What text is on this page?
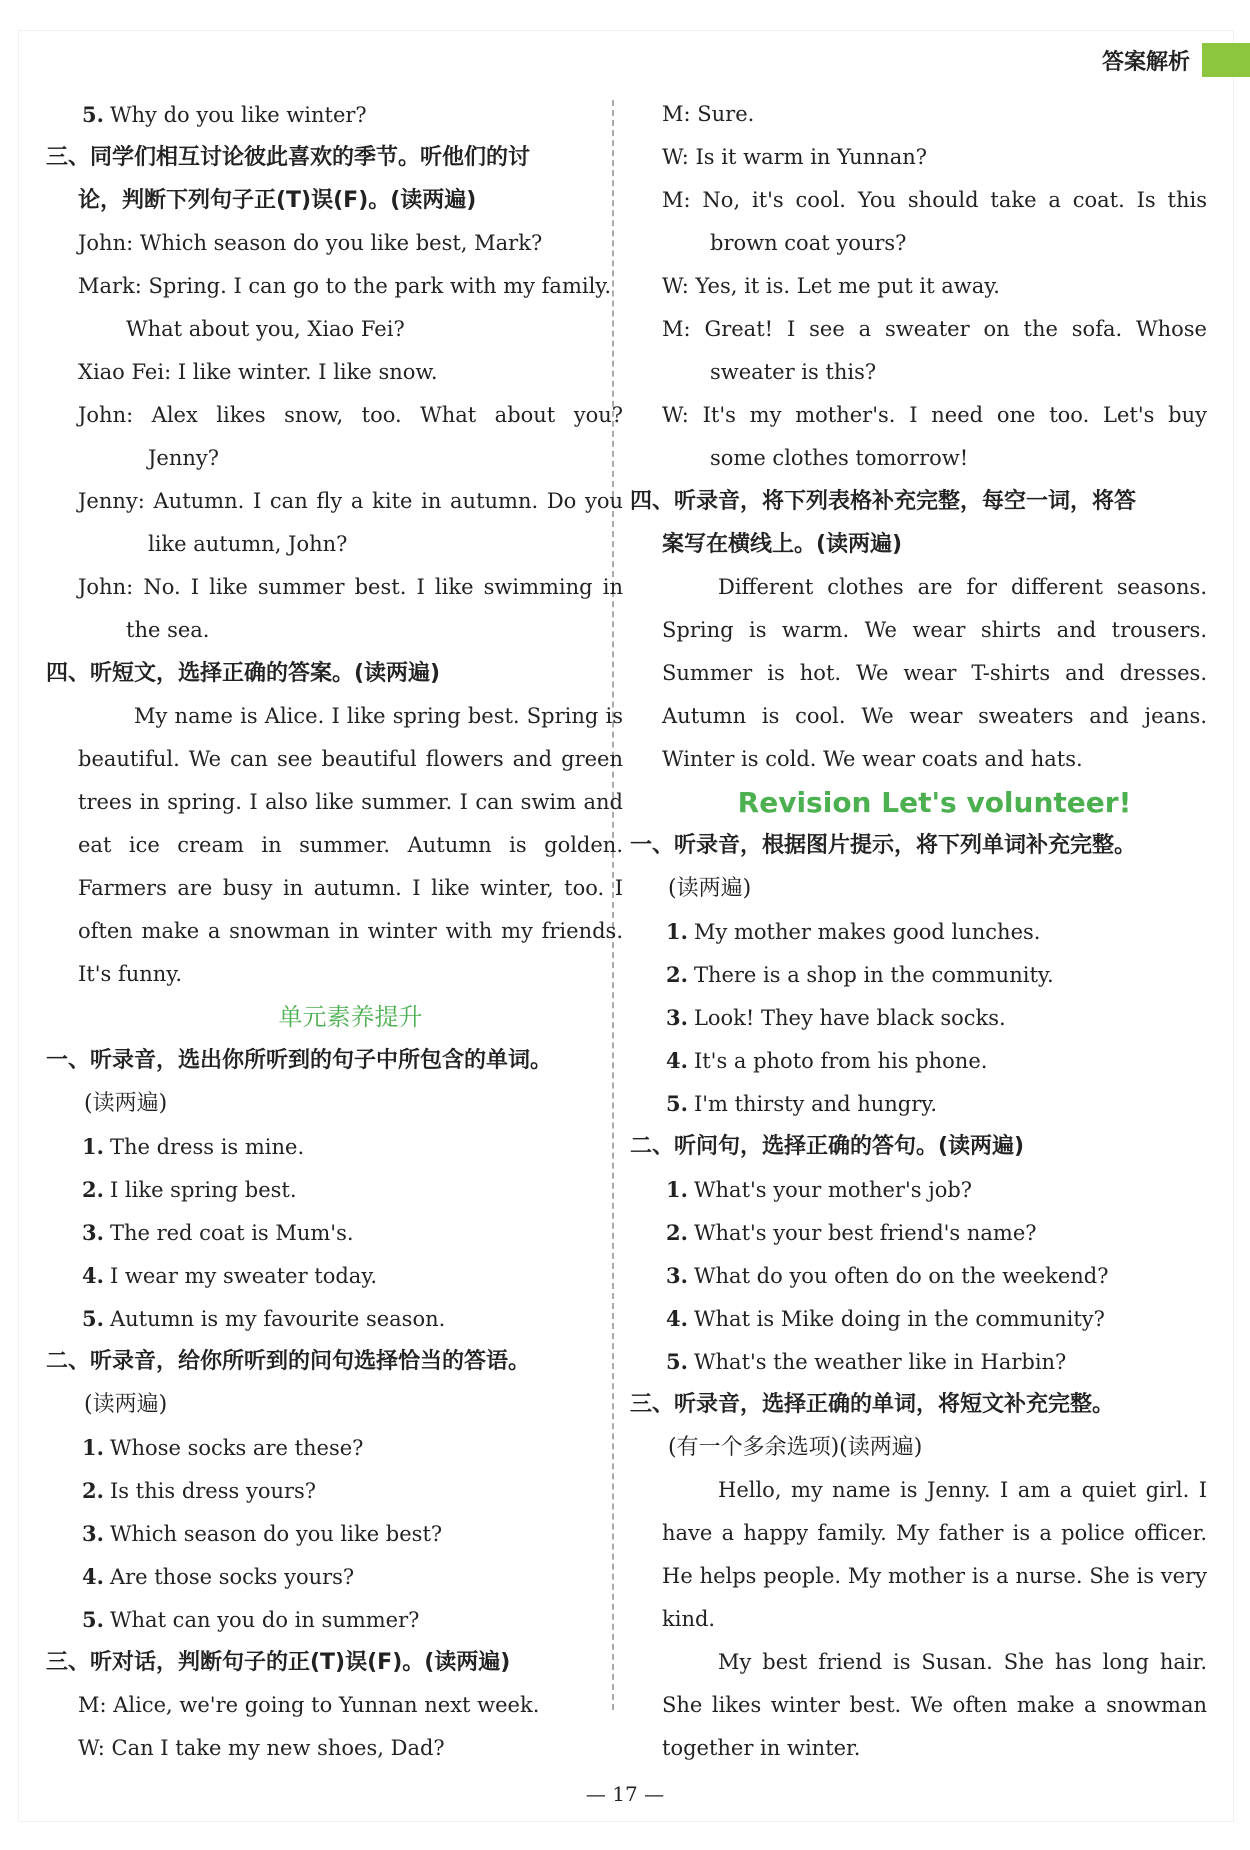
答案解析
5. Why do you like winter?
三、同学们相互讨论彼此喜欢的季节。听他们的讨
论，判断下列句子正(T)误(F)。(读两遍)
John: Which season do you like best, Mark?
Mark: Spring. I can go to the park with my family.
What about you, Xiao Fei?
Xiao Fei: I like winter. I like snow.
John: Alex likes snow, too. What about you?
Jenny?
Jenny: Autumn. I can fly a kite in autumn. Do you
like autumn, John?
John: No. I like summer best. I like swimming in
the sea.
四、听短文，选择正确的答案。(读两遍)
My name is Alice. I like spring best. Spring is
beautiful. We can see beautiful flowers and green
trees in spring. I also like summer. I can swim and
eat ice cream in summer. Autumn is golden.
Farmers are busy in autumn. I like winter, too. I
often make a snowman in winter with my friends.
It's funny.
单元素养提升
一、听录音，选出你所听到的句子中所包含的单词。
(读两遍)
1. The dress is mine.
2. I like spring best.
3. The red coat is Mum's.
4. I wear my sweater today.
5. Autumn is my favourite season.
二、听录音，给你所听到的问句选择恰当的答语。
(读两遍)
1. Whose socks are these?
2. Is this dress yours?
3. Which season do you like best?
4. Are those socks yours?
5. What can you do in summer?
三、听对话，判断句子的正(T)误(F)。(读两遍)
M: Alice, we're going to Yunnan next week.
W: Can I take my new shoes, Dad?
M: Sure.
W: Is it warm in Yunnan?
M: No, it's cool. You should take a coat. Is this
brown coat yours?
W: Yes, it is. Let me put it away.
M: Great! I see a sweater on the sofa. Whose
sweater is this?
W: It's my mother's. I need one too. Let's buy
some clothes tomorrow!
四、听录音，将下列表格补充完整，每空一词，将答
案写在横线上。(读两遍)
Different clothes are for different seasons.
Spring is warm. We wear shirts and trousers.
Summer is hot. We wear T-shirts and dresses.
Autumn is cool. We wear sweaters and jeans.
Winter is cold. We wear coats and hats.
Revision Let's volunteer!
一、听录音，根据图片提示，将下列单词补充完整。
(读两遍)
1. My mother makes good lunches.
2. There is a shop in the community.
3. Look! They have black socks.
4. It's a photo from his phone.
5. I'm thirsty and hungry.
二、听问句，选择正确的答句。(读两遍)
1. What's your mother's job?
2. What's your best friend's name?
3. What do you often do on the weekend?
4. What is Mike doing in the community?
5. What's the weather like in Harbin?
三、听录音，选择正确的单词，将短文补充完整。
(有一个多余选项)(读两遍)
Hello, my name is Jenny. I am a quiet girl. I
have a happy family. My father is a police officer.
He helps people. My mother is a nurse. She is very
kind.
My best friend is Susan. She has long hair.
She likes winter best. We often make a snowman
together in winter.
— 17 —
